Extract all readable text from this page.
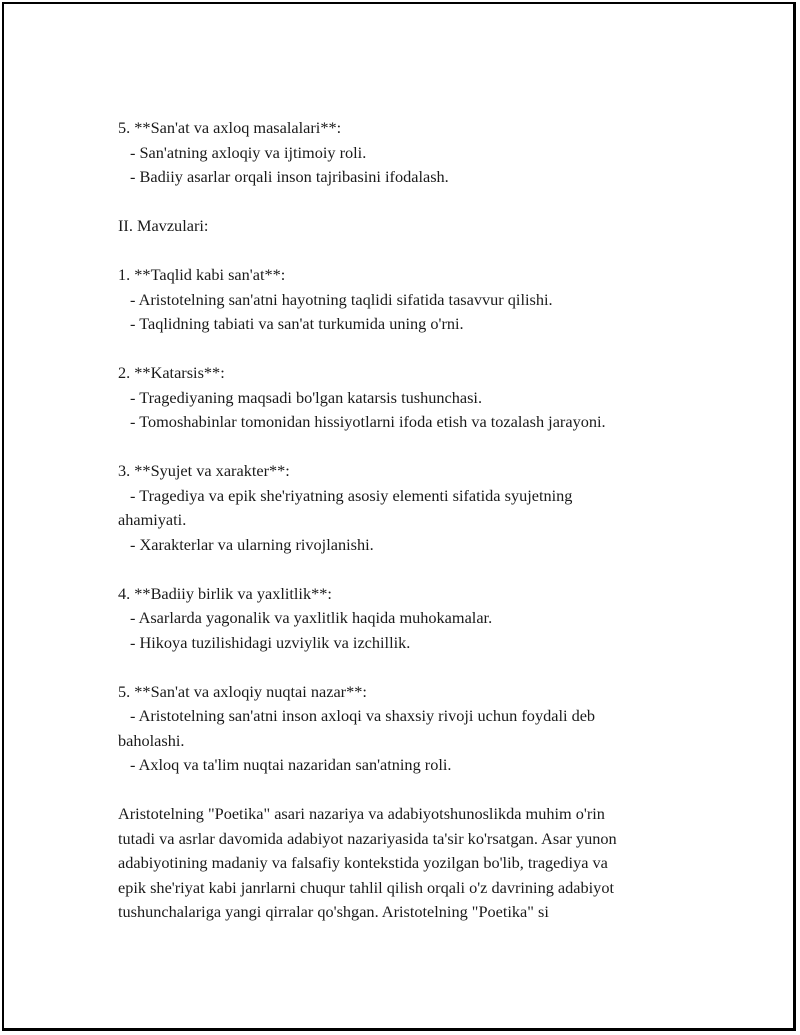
5. **San'at va axloq masalalari**:
- San'atning axloqiy va ijtimoiy roli.
- Badiiy asarlar orqali inson tajribasini ifodalash.
II. Mavzulari:
1. **Taqlid kabi san'at**:
- Aristotelning san'atni hayotning taqlidi sifatida tasavvur qilishi.
- Taqlidning tabiati va san'at turkumida uning o'rni.
2. **Katarsis**:
- Tragediyaning maqsadi bo'lgan katarsis tushunchasi.
- Tomoshabinlar tomonidan hissiyotlarni ifoda etish va tozalash jarayoni.
3. **Syujet va xarakter**:
- Tragediya va epik she'riyatning asosiy elementi sifatida syujetning
ahamiyati.
- Xarakterlar va ularning rivojlanishi.
4. **Badiiy birlik va yaxlitlik**:
- Asarlarda yagonalik va yaxlitlik haqida muhokamalar.
- Hikoya tuzilishidagi uzviylik va izchillik.
5. **San'at va axloqiy nuqtai nazar**:
- Aristotelning san'atni inson axloqi va shaxsiy rivoji uchun foydali deb
baholashi.
- Axloq va ta'lim nuqtai nazaridan san'atning roli.
Aristotelning "Poetika" asari nazariya va adabiyotshunoslikda muhim o'rin
tutadi va asrlar davomida adabiyot nazariyasida ta'sir ko'rsatgan. Asar yunon
adabiyotining madaniy va falsafiy kontekstida yozilgan bo'lib, tragediya va
epik she'riyat kabi janrlarni chuqur tahlil qilish orqali o'z davrining adabiyot
tushunchalariga yangi qirralar qo'shgan. Aristotelning "Poetika" si
